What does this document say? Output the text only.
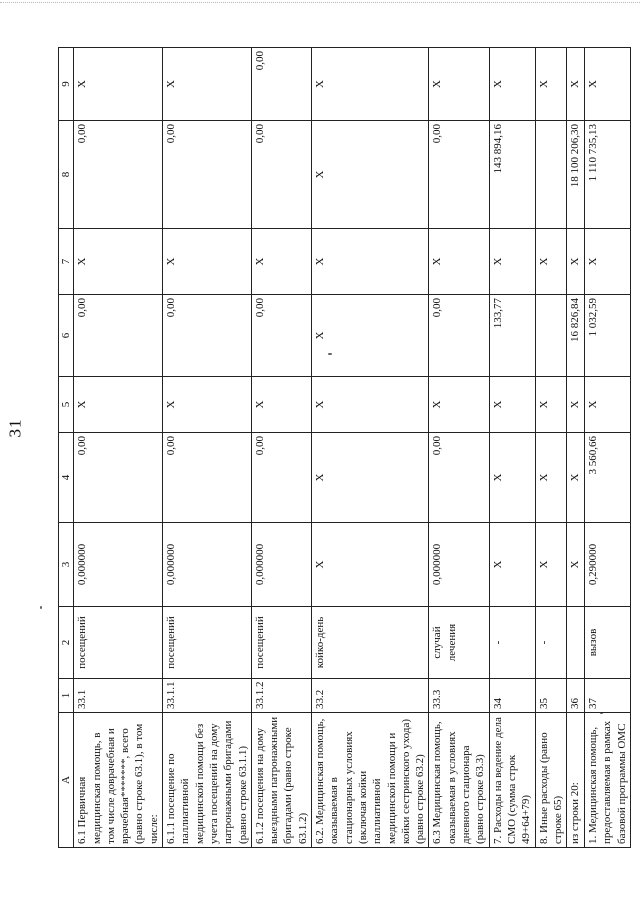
31
А	1	2	3	4	5	6	7	8	9
6.1 Первичная медицинская помощь, в том числе доврачебная и врачебная*******, всего (равно строке 63.1), в том числе:	33.1	посещений	0,000000	0,00	Х	0,00	Х	0,00	Х
6.1.1 посещение по паллиативной медицинской помощи без учета посещений на дому патронажными бригадами (равно строке 63.1.1)	33.1.1	посещений	0,000000	0,00	Х	0,00	Х	0,00	Х
6.1.2 посещения на дому выездными патронажными бригадами (равно строке 63.1.2)	33.1.2	посещений	0,000000	0,00	Х	0,00	Х	0,00	0,00
6.2. Медицинская помощь, оказываемая в стационарных условиях (включая койки паллиативной медицинской помощи и койки сестринского ухода) (равно строке 63.2)	33.2	койко-день	Х	Х	Х	Х	Х	Х	Х
6.3 Медицинская помощь, оказываемая в условиях дневного стационара (равно строке 63.3)	33.3	случай лечения	0,000000	0,00	Х	0,00	Х	0,00	Х
7. Расходы на ведение дела СМО (сумма строк 49+64+79)	34	-	Х	Х	Х	133,77	Х	143 894,16	Х
8. Иные расходы (равно строке 65)	35	-	Х	Х	Х		Х		Х
из строки 20:	36		Х	Х	Х	16 826,84	Х	18 100 206,30	Х
1. Медицинская помощь, предоставляемая в рамках базовой программы ОМС	37	вызов	0,290000	3 560,66	Х	1 032,59	Х	1 110 735,13	Х
